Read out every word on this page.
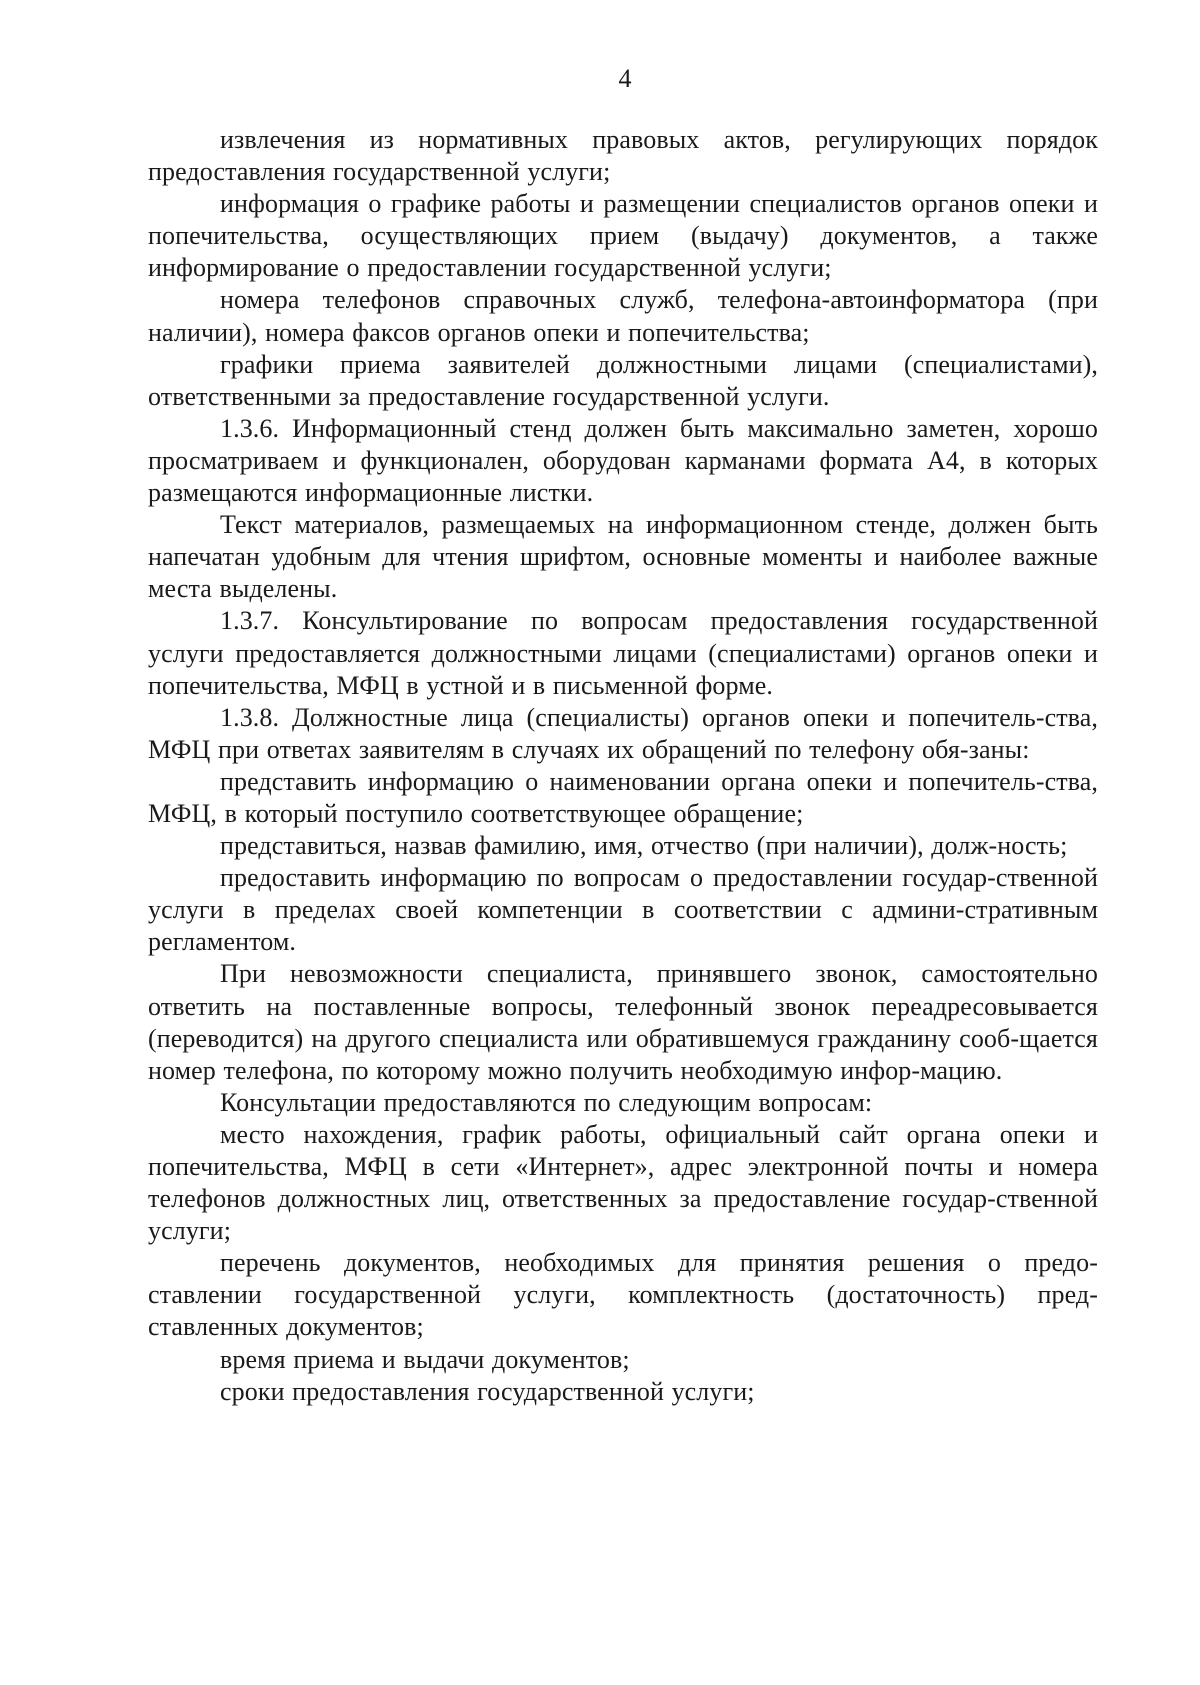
4

извлечения из нормативных правовых актов, регулирующих порядок предоставления государственной услуги;

информация о графике работы и размещении специалистов органов опеки и попечительства, осуществляющих прием (выдачу) документов, а также информирование о предоставлении государственной услуги;

номера телефонов справочных служб, телефона-автоинформатора (при наличии), номера факсов органов опеки и попечительства;

графики приема заявителей должностными лицами (специалистами), ответственными за предоставление государственной услуги.

1.3.6. Информационный стенд должен быть максимально заметен, хорошо просматриваем и функционален, оборудован карманами формата А4, в которых размещаются информационные листки.

Текст материалов, размещаемых на информационном стенде, должен быть напечатан удобным для чтения шрифтом, основные моменты и наиболее важные места выделены.

1.3.7. Консультирование по вопросам предоставления государственной услуги предоставляется должностными лицами (специалистами) органов опеки и попечительства, МФЦ в устной и в письменной форме.

1.3.8. Должностные лица (специалисты) органов опеки и попечитель-ства, МФЦ при ответах заявителям в случаях их обращений по телефону обя-заны:

представить информацию о наименовании органа опеки и попечитель-ства, МФЦ, в который поступило соответствующее обращение;

представиться, назвав фамилию, имя, отчество (при наличии), долж-ность;

предоставить информацию по вопросам о предоставлении государ-ственной услуги в пределах своей компетенции в соответствии с админи-стративным регламентом.

При невозможности специалиста, принявшего звонок, самостоятельно ответить на поставленные вопросы, телефонный звонок переадресовывается (переводится) на другого специалиста или обратившемуся гражданину сооб-щается номер телефона, по которому можно получить необходимую инфор-мацию.

Консультации предоставляются по следующим вопросам:

место нахождения, график работы, официальный сайт органа опеки и попечительства, МФЦ в сети «Интернет», адрес электронной почты и номера телефонов должностных лиц, ответственных за предоставление государ-ственной услуги;

перечень документов, необходимых для принятия решения о предо-ставлении государственной услуги, комплектность (достаточность) пред-ставленных документов;

время приема и выдачи документов;

сроки предоставления государственной услуги;
